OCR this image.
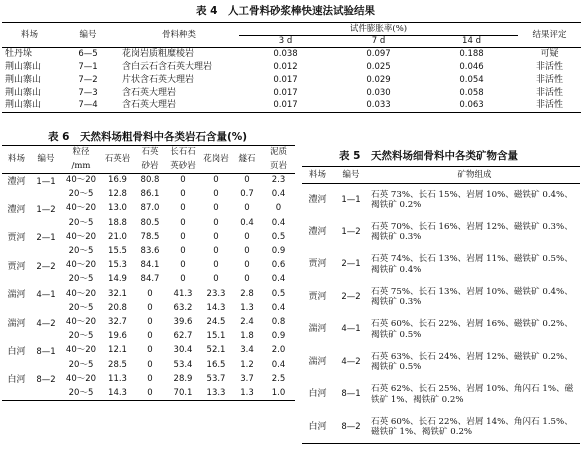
表 4　人工骨料砂浆棒快速法试验结果
料场	编号	骨料种类	试件膨胀率(%)			结果评定
			3 d	7 d	14 d	
牡丹垛	6—5	花岗岩质粗糜棱岩	0.038	0.097	0.188	可疑
荆山寨山	7—1	含白云石含石英大理岩	0.012	0.025	0.046	非活性
荆山寨山	7—2	片状含石英大理岩	0.017	0.029	0.054	非活性
荆山寨山	7—3	含石英大理岩	0.017	0.030	0.058	非活性
荆山寨山	7—4	含石英大理岩	0.017	0.033	0.063	非活性
表 6　天然料场粗骨料中各类岩石含量(%)
料场	编号	粒径	石英岩	石英	长石石	花岗岩	燧石	泥质
		/mm		砂岩	英砂岩			页岩
澧河	1—1	40～20	16.9	80.8	0	0	0	2.3
		20～5	12.8	86.1	0	0	0.7	0.4
澧河	1—2	40～20	13.0	87.0	0	0	0	0
		20～5	18.8	80.5	0	0	0.4	0.4
贾河	2—1	40～20	21.0	78.5	0	0	0	0.5
		20～5	15.5	83.6	0	0	0	0.9
贾河	2—2	40～20	15.3	84.1	0	0	0	0.6
		20～5	14.9	84.7	0	0	0	0.4
湍河	4—1	40～20	32.1	0	41.3	23.3	2.8	0.5
		20～5	20.8	0	63.2	14.3	1.3	0.4
湍河	4—2	40～20	32.7	0	39.6	24.5	2.4	0.8
		20～5	19.6	0	62.7	15.1	1.8	0.9
白河	8—1	40～20	12.1	0	30.4	52.1	3.4	2.0
		20～5	28.5	0	53.4	16.5	1.2	0.4
白河	8—2	40～20	11.3	0	28.9	53.7	3.7	2.5
		20～5	14.3	0	70.1	13.3	1.3	1.0
表 5　天然料场细骨料中各类矿物含量
料场	编号	矿物组成
澧河	1—1	石英 73%、长石 15%、岩屑 10%、磁铁矿 0.4%、褐铁矿 0.2%
澧河	1—2	石英 70%、长石 16%、岩屑 12%、磁铁矿 0.3%、褐铁矿 0.3%
贾河	2—1	石英 74%、长石 13%、岩屑 11%、磁铁矿 0.5%、褐铁矿 0.4%
贾河	2—2	石英 75%、长石 13%、岩屑 10%、磁铁矿 0.4%、褐铁矿 0.3%
湍河	4—1	石英 60%、长石 22%、岩屑 16%、磁铁矿 0.2%、褐铁矿 0.5%
湍河	4—2	石英 63%、长石 24%、岩屑 12%、磁铁矿 0.2%、褐铁矿 0.5%
白河	8—1	石英 62%、长石 25%、岩屑 10%、角闪石 1%、磁铁矿 1%、褐铁矿 0.2%
白河	8—2	石英 60%、长石 22%、岩屑 14%、角闪石 1.5%、磁铁矿 1%、褐铁矿 0.2%
